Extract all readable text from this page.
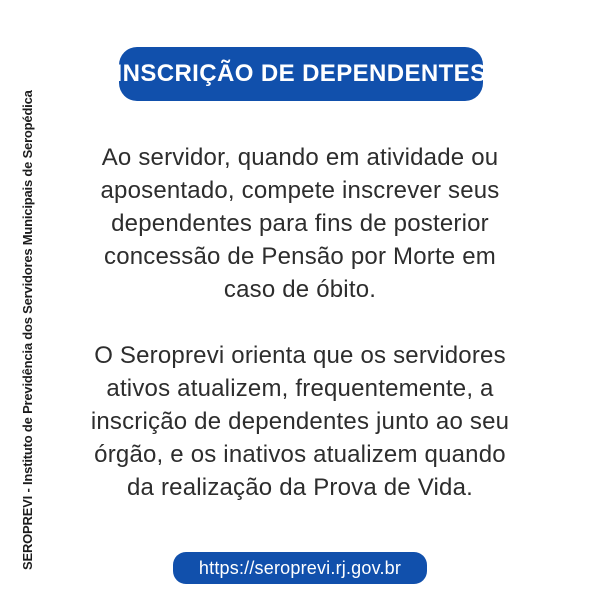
SEROPREVI - Instituto de Previdência dos Servidores Municipais de Seropédica
INSCRIÇÃO DE DEPENDENTES

Ao servidor, quando em atividade ou
aposentado, compete inscrever seus
dependentes para fins de posterior
concessão de Pensão por Morte em
caso de óbito.

O Seroprevi orienta que os servidores
ativos atualizem, frequentemente, a
inscrição de dependentes junto ao seu
órgão, e os inativos atualizem quando
da realização da Prova de Vida.

https://seroprevi.rj.gov.br
